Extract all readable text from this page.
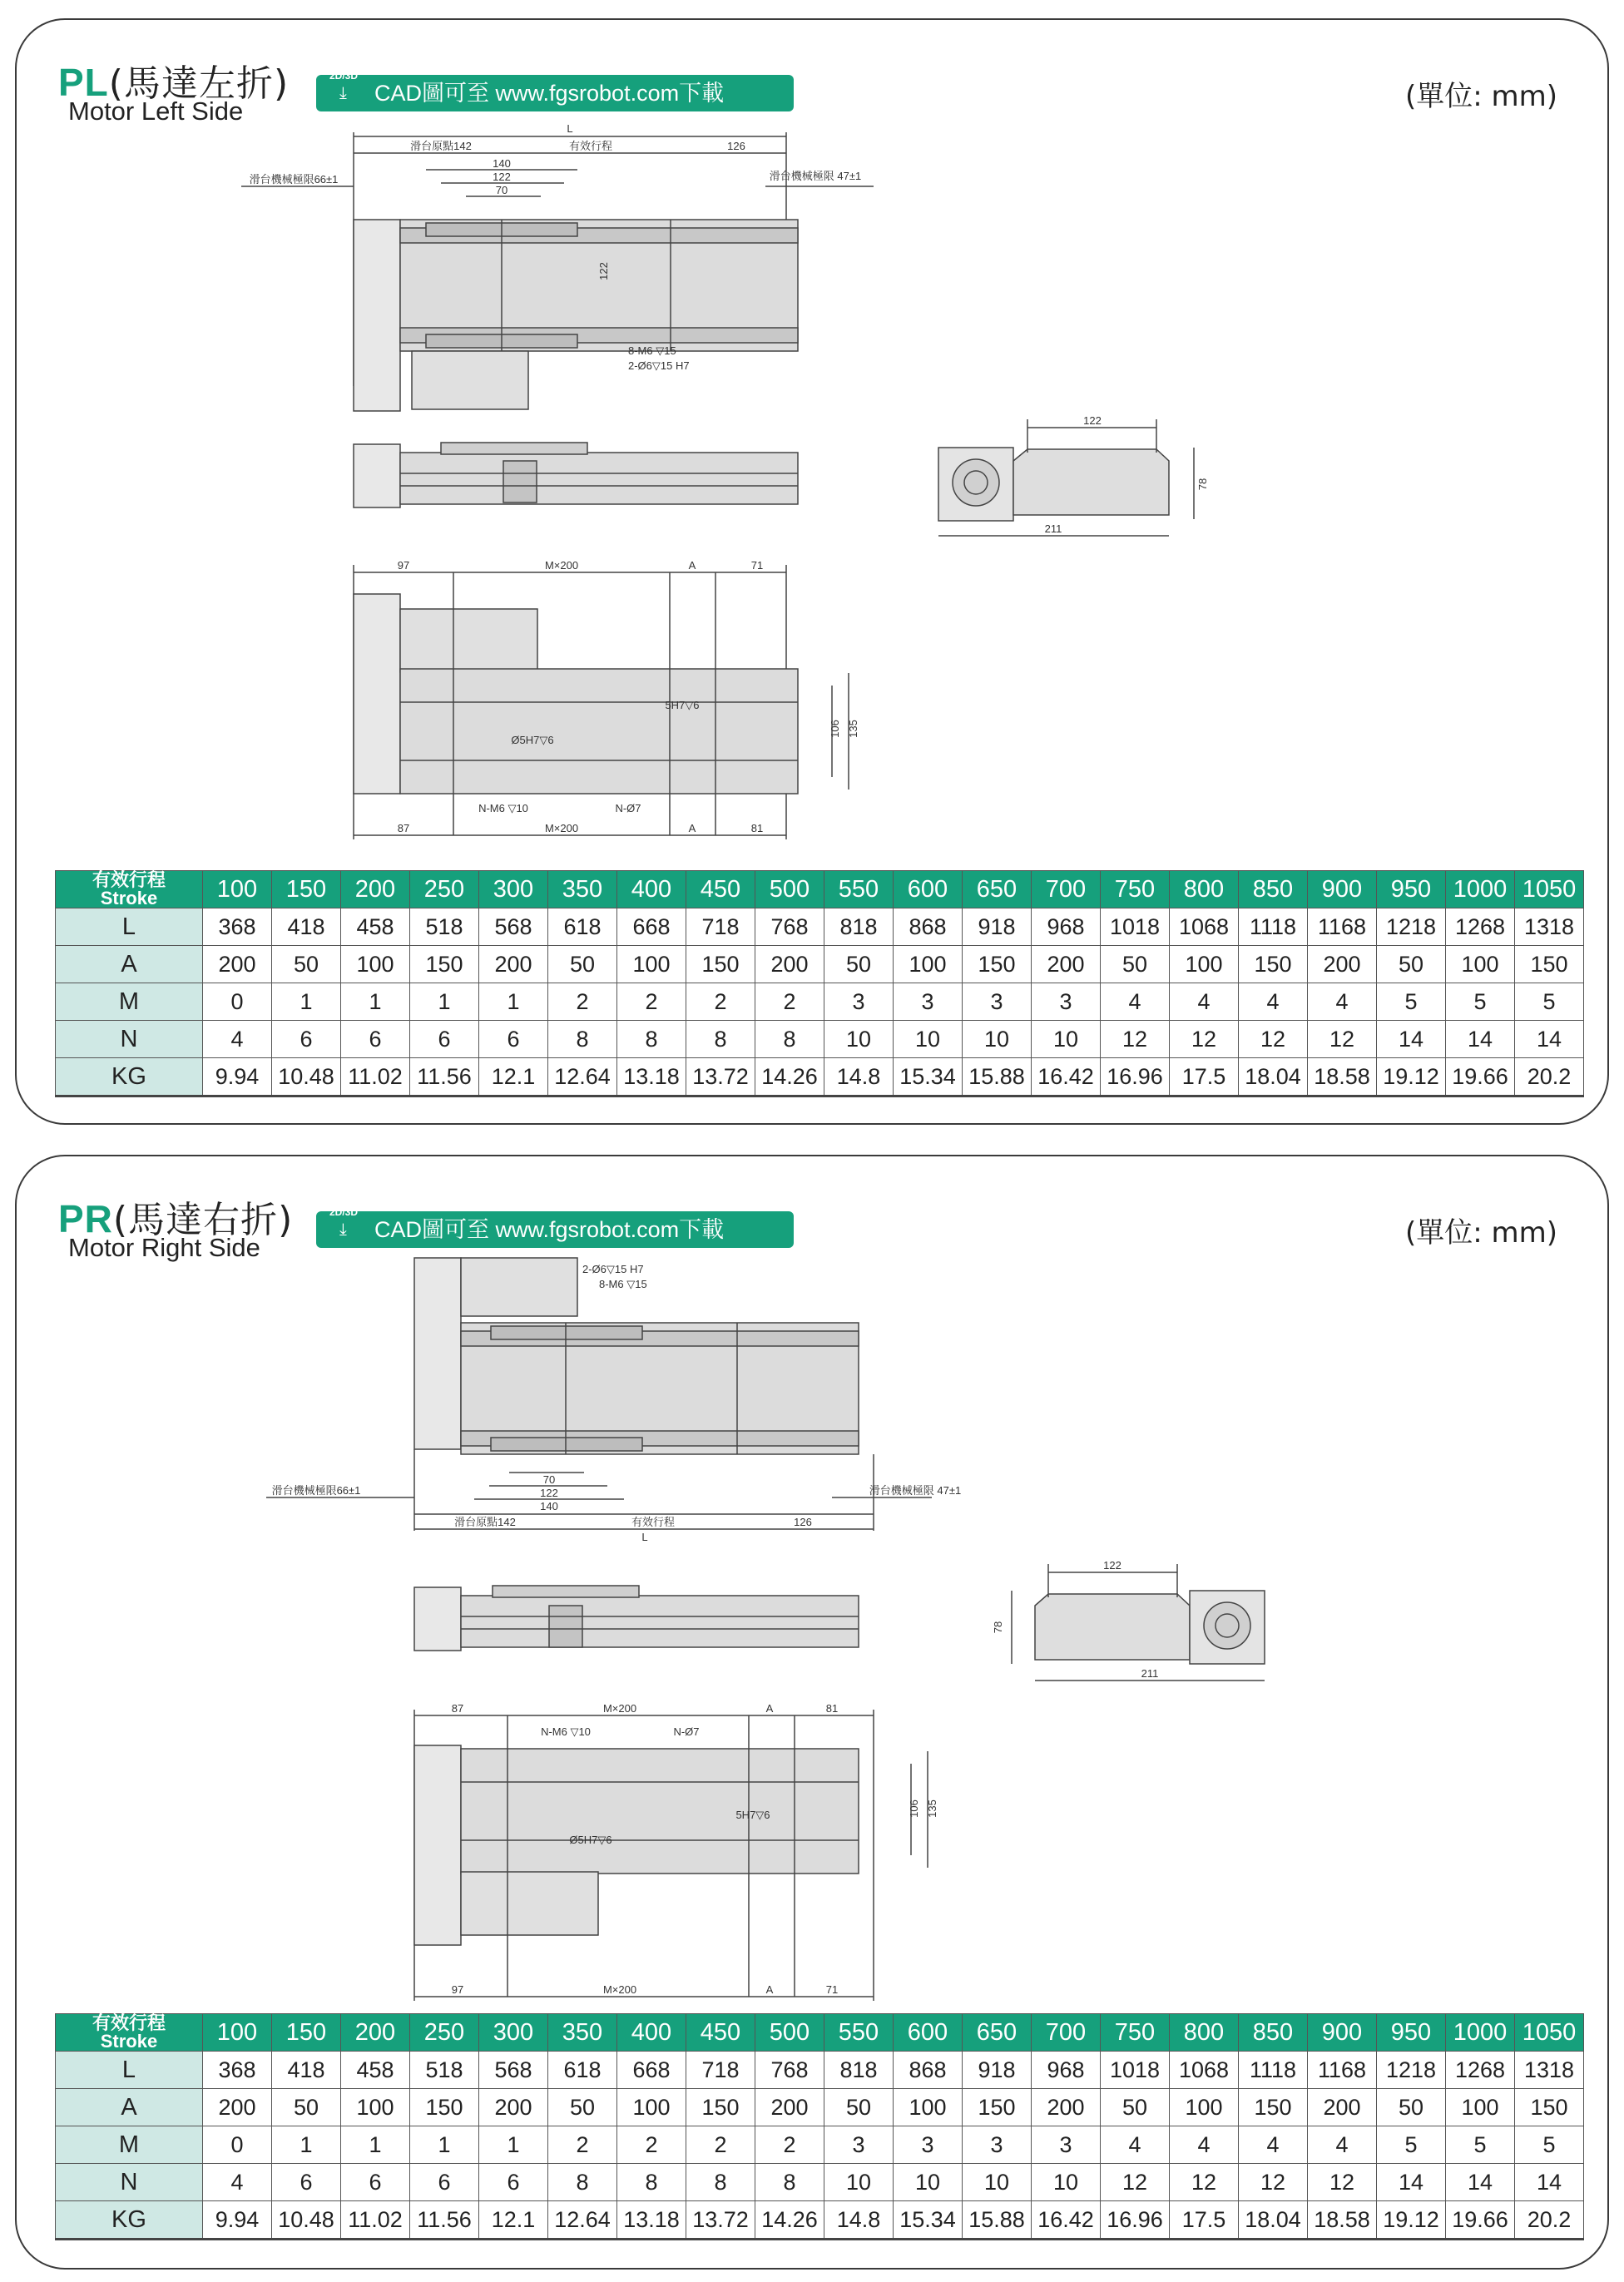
PL(馬達左折)
Motor Left Side
2D/3D
⤓ CAD圖可至 www.fgsrobot.com下載	(單位: mm)
L
滑台原點142	有效行程	126
140
122
70
滑台機械極限66±1	滑台機械極限 47±1
122
8-M6 ▽15
2-Ø6▽15 H7
122
78
211
97	M×200	A	71
87	M×200	A	81
106 135
5H7▽6
Ø5H7▽6
N-M6 ▽10	N-Ø7
有效行程
Stroke	100	150	200	250	300	350	400	450	500	550	600	650	700	750	800	850	900	950	1000	1050
L	368	418	458	518	568	618	668	718	768	818	868	918	968	1018	1068	1118	1168	1218	1268	1318
A	200	50	100	150	200	50	100	150	200	50	100	150	200	50	100	150	200	50	100	150
M	0	1	1	1	1	2	2	2	2	3	3	3	3	4	4	4	4	5	5	5
N	4	6	6	6	6	8	8	8	8	10	10	10	10	12	12	12	12	14	14	14
KG	9.94	10.48	11.02	11.56	12.1	12.64	13.18	13.72	14.26	14.8	15.34	15.88	16.42	16.96	17.5	18.04	18.58	19.12	19.66	20.2
PR(馬達右折)
Motor Right Side
2D/3D
⤓ CAD圖可至 www.fgsrobot.com下載	(單位: mm)
2-Ø6▽15 H7
8-M6 ▽15
70
122
140
滑台機械極限66±1	滑台機械極限 47±1
滑台原點142	有效行程	126
L
122
78
211
87	M×200	A	81
97	M×200	A	71
106 135
N-M6 ▽10	N-Ø7
5H7▽6
Ø5H7▽6
有效行程
Stroke	100	150	200	250	300	350	400	450	500	550	600	650	700	750	800	850	900	950	1000	1050
L	368	418	458	518	568	618	668	718	768	818	868	918	968	1018	1068	1118	1168	1218	1268	1318
A	200	50	100	150	200	50	100	150	200	50	100	150	200	50	100	150	200	50	100	150
M	0	1	1	1	1	2	2	2	2	3	3	3	3	4	4	4	4	5	5	5
N	4	6	6	6	6	8	8	8	8	10	10	10	10	12	12	12	12	14	14	14
KG	9.94	10.48	11.02	11.56	12.1	12.64	13.18	13.72	14.26	14.8	15.34	15.88	16.42	16.96	17.5	18.04	18.58	19.12	19.66	20.2
